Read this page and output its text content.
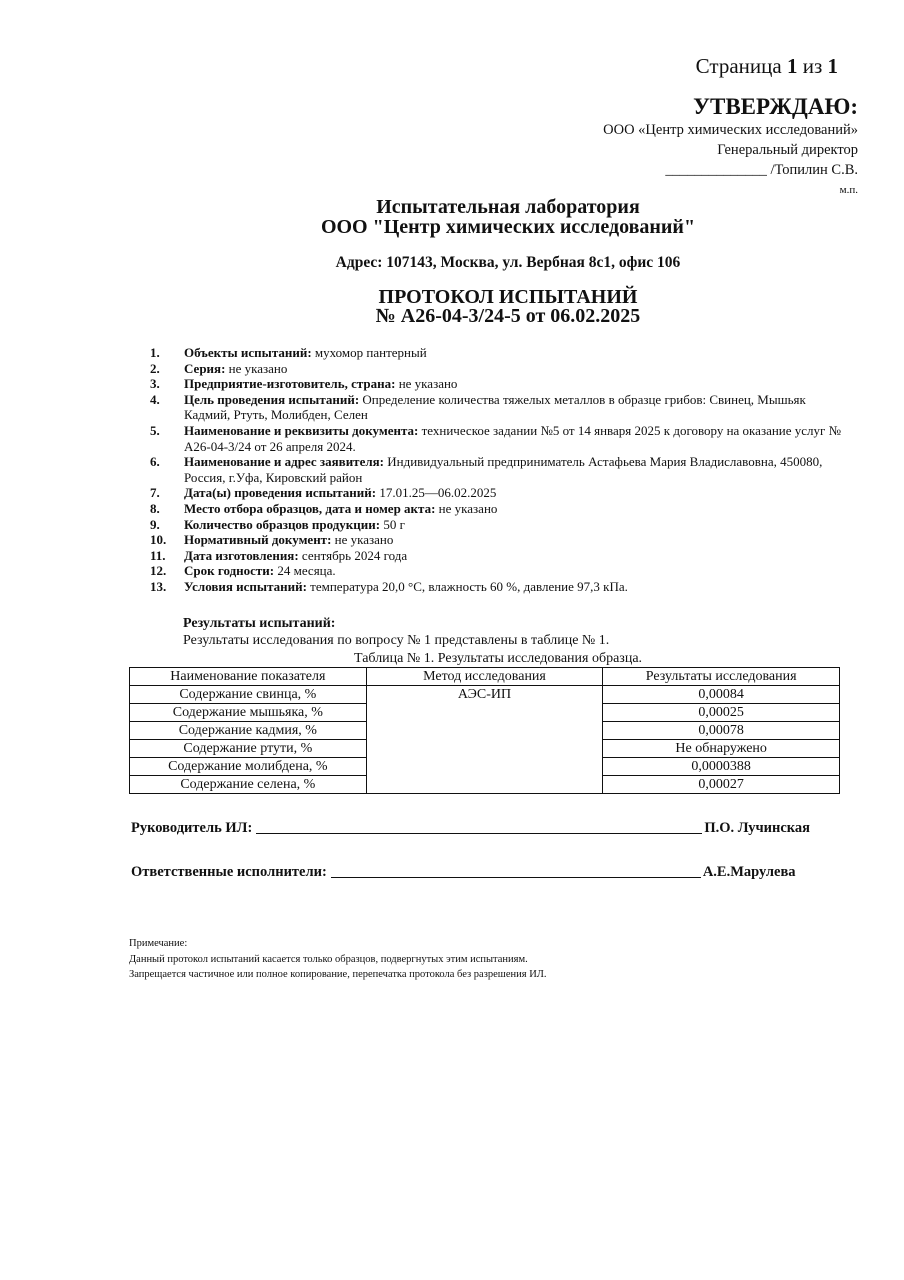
Страница 1 из 1
УТВЕРЖДАЮ:
ООО «Центр химических исследований»
Генеральный директор
______________ /Топилин С.В.
м.п.
Испытательная лаборатория
ООО "Центр химических исследований"
Адрес: 107143, Москва, ул. Вербная 8с1, офис 106
ПРОТОКОЛ ИСПЫТАНИЙ
№ А26-04-3/24-5 от 06.02.2025
1.	Объекты испытаний: мухомор пантерный
2.	Серия: не указано
3.	Предприятие-изготовитель, страна: не указано
4.	Цель проведения испытаний: Определение количества тяжелых металлов в образце грибов: Свинец, Мышьяк Кадмий, Ртуть, Молибден, Селен
5.	Наименование и реквизиты документа: техническое задании №5 от 14 января 2025 к договору на оказание услуг № А26-04-3/24 от 26 апреля 2024.
6.	Наименование и адрес заявителя: Индивидуальный предприниматель Астафьева Мария Владиславовна, 450080, Россия, г.Уфа, Кировский район
7.	Дата(ы) проведения испытаний: 17.01.25—06.02.2025
8.	Место отбора образцов, дата и номер акта: не указано
9.	Количество образцов продукции: 50 г
10.	Нормативный документ: не указано
11.	Дата изготовления: сентябрь 2024 года
12.	Срок годности: 24 месяца.
13.	Условия испытаний: температура 20,0 °С, влажность 60 %, давление 97,3 кПа.
Результаты испытаний:
Результаты исследования по вопросу № 1 представлены в таблице № 1.
Таблица № 1. Результаты исследования образца.
Наименование показателя	Метод исследования	Результаты исследования
Содержание свинца, %	АЭС-ИП	0,00084
Содержание мышьяка, %		0,00025
Содержание кадмия, %		0,00078
Содержание ртути, %		Не обнаружено
Содержание молибдена, %		0,0000388
Содержание селена, %		0,00027
Руководитель ИЛ:	П.О. Лучинская
Ответственные исполнители:	А.Е.Марулева
Примечание:
Данный протокол испытаний касается только образцов, подвергнутых этим испытаниям.
Запрещается частичное или полное копирование, перепечатка протокола без разрешения ИЛ.
